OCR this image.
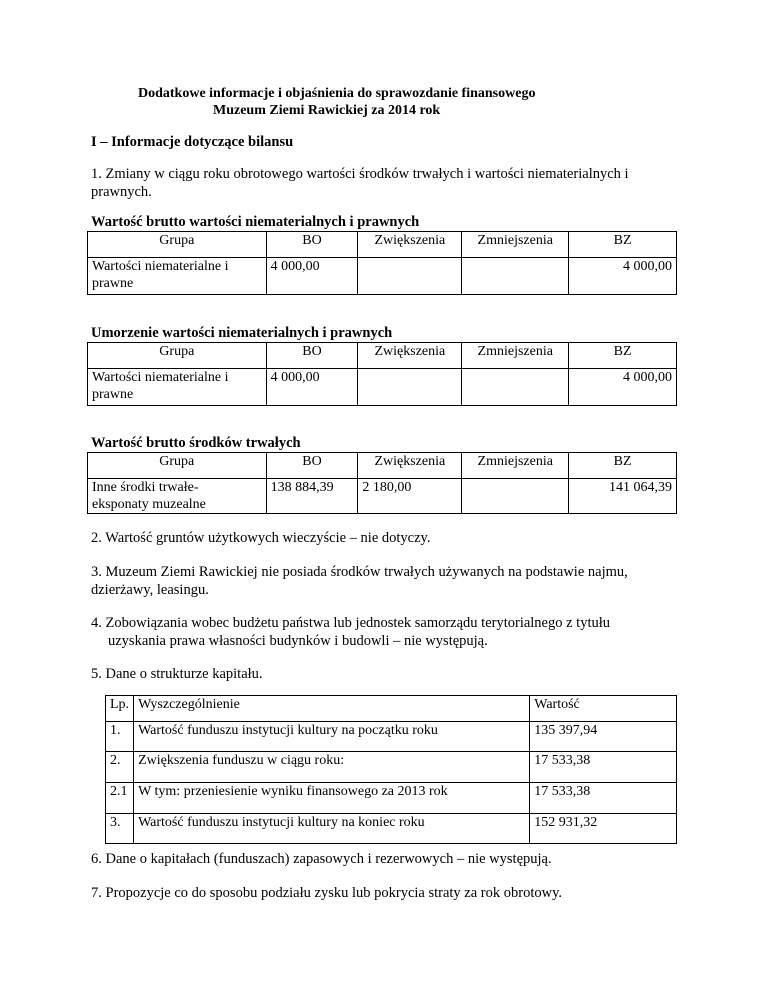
Dodatkowe informacje i objaśnienia do sprawozdanie finansowego
Muzeum Ziemi Rawickiej za 2014 rok
I – Informacje dotyczące bilansu
1. Zmiany w ciągu roku obrotowego wartości środków trwałych i wartości niematerialnych i prawnych.
Wartość brutto wartości niematerialnych i prawnych
Grupa	BO	Zwiększenia	Zmniejszenia	BZ

Wartości niematerialne i
prawne	4 000,00			4 000,00
Umorzenie wartości niematerialnych i prawnych
Grupa	BO	Zwiększenia	Zmniejszenia	BZ

Wartości niematerialne i
prawne	4 000,00			4 000,00
Wartość brutto środków trwałych
Grupa	BO	Zwiększenia	Zmniejszenia	BZ

Inne środki trwałe-
eksponaty muzealne	138 884,39	2 180,00		141 064,39
2. Wartość gruntów użytkowych wieczyście – nie dotyczy.
3. Muzeum Ziemi Rawickiej nie posiada środków trwałych używanych na podstawie najmu,
dzierżawy, leasingu.
4. Zobowiązania wobec budżetu państwa lub jednostek samorządu terytorialnego z tytułu
uzyskania prawa własności budynków i budowli – nie występują.
5. Dane o strukturze kapitału.
Lp.	Wyszczególnienie	Wartość
1.	Wartość funduszu instytucji kultury na początku roku	135 397,94
2.	Zwiększenia funduszu w ciągu roku:	17 533,38
2.1	W tym: przeniesienie wyniku finansowego za 2013 rok	17 533,38
3.	Wartość funduszu instytucji kultury na koniec roku	152 931,32
6. Dane o kapitałach (funduszach) zapasowych i rezerwowych – nie występują.
7. Propozycje co do sposobu podziału zysku lub pokrycia straty za rok obrotowy.
